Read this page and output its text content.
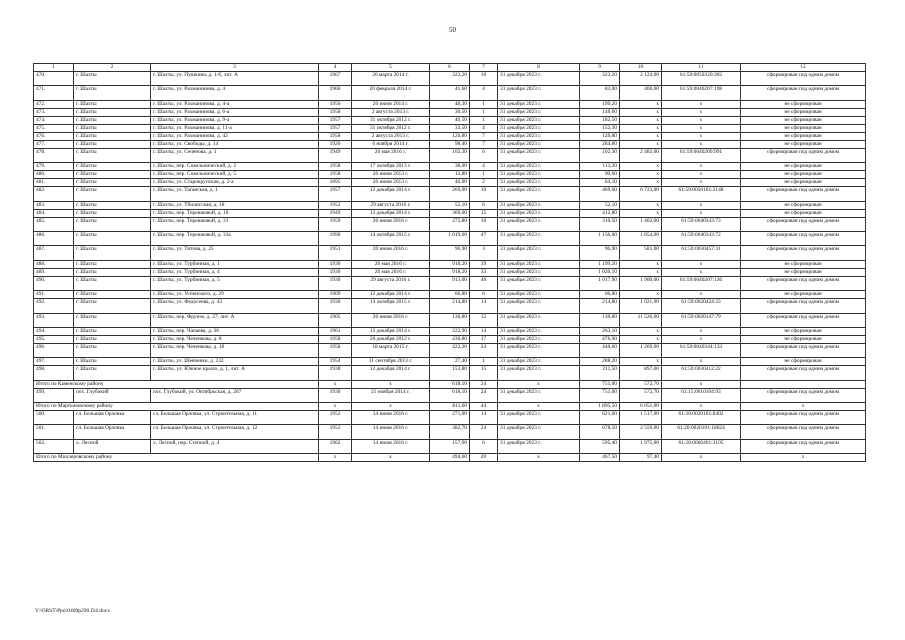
50
1	2	3	4	5	6	7	8	9	10	11	12
470.	г. Шахты	г. Шахты, ул. Пушкина, д. 1-б, лит. А	1967	26 марта 2014 г.	323,20	16	31 декабря 2023 г.	323,20	2 124,00	61:59:0050320:302	сформирован под одним домом
471.	г. Шахты	г. Шахты, ул. Рахманинова, д. 4	1960	20 февраля 2014 г.	41,60	4	31 декабря 2023 г.	83,00	400,00	61:59:0040207:198	сформирован под одним домом
472.	г. Шахты	г. Шахты, ул. Рахманинова, д. 4-а	1956	20 июня 2014 г.	48,30	1	31 декабря 2023 г.	199,20	х	х	не сформирован
473.	г. Шахты	г. Шахты, ул. Рахманинова, д. 6-а	1958	2 августа 2013 г.	30,50	1	31 декабря 2023 г.	146,60	х	х	не сформирован
474.	г. Шахты	г. Шахты, ул. Рахманинова, д. 9-а	1957	31 октября 2012 г.	40,50	1	31 декабря 2023 г.	182,50	х	х	не сформирован
475.	г. Шахты	г. Шахты, ул. Рахманинова, д. 11-а	1957	31 октября 2012 г.	33,50	4	31 декабря 2023 г.	152,30	х	х	не сформирован
476.	г. Шахты	г. Шахты, ул. Рахманинова, д. 42	1958	2 августа 2013 г.	120,80	7	31 декабря 2023 г.	120,80	х	х	не сформирован
477.	г. Шахты	г. Шахты, ул. Свободы, д. 14	1926	6 ноября 2014 г.	98,40	7	31 декабря 2023 г.	284,80	х	х	не сформирован
478.	г. Шахты	г. Шахты, ул. Сеченова, д. 1	1949	20 мая 2016 г.	102,30	6	31 декабря 2023 г.	102,30	2 483,00	61:59:0040209:991	сформирован под одним домом
479.	г. Шахты	г. Шахты, пер. Сокольнический, д. 2	1958	17 октября 2013 г.	38,00	4	31 декабря 2023 г.	113,30	х	х	не сформирован
480.	г. Шахты	г. Шахты, пер. Сокольнический, д. 5	1958	20 июня 2013 г.	13,80	1	31 декабря 2023 г.	90,60	х	х	не сформирован
481.	г. Шахты	г. Шахты, ул. Старокрупская, д. 2-а	1895	20 июня 2013 г.	46,00	2	31 декабря 2023 г.	64,10	х	х	не сформирован
482.	г. Шахты	г. Шахты, ул. Таганская, д. 1	1957	12 декабря 2014 г.	269,00	10	31 декабря 2023 г.	469,60	6 723,00	61:59:0050101:2148	сформирован под одним домом
483.	г. Шахты	г. Шахты, ул. Тбилисская, д. 18	1952	29 августа 2016 г.	52,10	6	31 декабря 2023 г.	52,10	х	х	не сформирован
484.	г. Шахты	г. Шахты, пер. Терешковой, д. 10	1949	12 декабря 2014 г.	369,60	15	31 декабря 2023 г.	412,80	х	х	не сформирован
485.	г. Шахты	г. Шахты, пер. Терешковой, д. 31	1959	20 июня 2016 г.	275,80	16	31 декабря 2023 г.	310,50	1 462,00	61:59:0040343:73	сформирован под одним домом
486.	г. Шахты	г. Шахты, пер. Терешковой, д. 33а	1990	14 октября 2015 г.	1 019,60	47	31 декабря 2023 г.	1 156,00	1 854,00	61:59:0040343:72	сформирован под одним домом
487.	г. Шахты	г. Шахты, ул. Титова, д. 25	1951	20 июня 2016 г.	96,90	3	31 декабря 2023 г.	96,90	581,00	61:59:0030457:31	сформирован под одним домом
488.	г. Шахты	г. Шахты, ул. Турбинная, д. 1	1930	20 мая 2016 г.	918,20	39	31 декабря 2023 г.	1 199,20	х	х	не сформирован
489.	г. Шахты	г. Шахты, ул. Турбинная, д. 4	1930	20 мая 2016 г.	918,20	33	31 декабря 2023 г.	1 026,10	х	х	не сформирован
490.	г. Шахты	г. Шахты, ул. Турбинная, д. 5	1930	29 августа 2016 г.	913,00	46	31 декабря 2023 г.	1 017,90	1 900,00	61:59:0040207:136	сформирован под одним домом
491.	г. Шахты	г. Шахты, ул. Успенского, д. 29	1909	12 декабря 2014 г.	66,80	6	31 декабря 2023 г.	66,80	х	х	не сформирован
492.	г. Шахты	г. Шахты, ул. Федосеева, д. 43	1930	14 октября 2015 г.	214,80	14	31 декабря 2023 г.	214,80	1 021,00	61:59:0020424:23	сформирован под одним домом
493.	г. Шахты	г. Шахты, пер. Фрунзе, д. 27, лит. А	1905	20 июня 2016 г.	130,80	12	31 декабря 2023 г.	130,80	11 526,00	61:59:0020147:79	сформирован под одним домом
494.	г. Шахты	г. Шахты, пер. Чапаева, д. 36	1961	12 декабря 2014 г.	222,90	14	31 декабря 2023 г.	263,10	х	х	не сформирован
495.	г. Шахты	г. Шахты, пер. Чеченкова, д. 8	1958	26 декабря 2012 г.	430,80	17	31 декабря 2023 г.	476,90	х	х	не сформирован
496.	г. Шахты	г. Шахты, пер. Чеченкова, д. 18	1958	18 марта 2015 г.	422,30	24	31 декабря 2023 г.	440,60	1 269,00	61:59:0040344:133	сформирован под одним домом
497.	г. Шахты	г. Шахты, ул. Шевченко, д. 232	1954	11 сентября 2013 г.	27,40	1	31 декабря 2023 г.	288,20	х	х	не сформирован
498.	г. Шахты	г. Шахты, ул. Южное крыло, д. 1, лит. А	1938	12 декабря 2014 г.	153,80	15	31 декабря 2023 г.	211,50	897,00	61:59:0030412:22	сформирован под одним домом
Итого по Каменскому району			х	х	618,10	24	х	751,00	572,70	х	
499.	пос. Глубокий	пос. Глубокий, ул. Октябрьская, д. 207	1930	21 ноября 2014 г.	618,10	24	31 декабря 2023 г.	751,00	572,70	61:15:0010104:93	сформирован под одним домом
Итого по Мартыновскому району			х	х	811,60	44	х	1 895,50	6 051,00	х	х
500.	сл. Большая Орловка	сл. Большая Орловка, ул. Строительная, д. 11	1952	14 июня 2016 г.	271,00	14	31 декабря 2023 г.	621,60	1 517,00	61:20:0020101:8402	сформирован под одним домом
501.	сл. Большая Орловка	сл. Большая Орловка, ул. Строительная, д. 12	1952	14 июня 2016 г.	382,70	24	31 декабря 2023 г.	678,50	2 559,00	61:20:0020101:18624	сформирован под одним домом
502.	х. Лесной	х. Лесной, пер. Степной, д. 4	1962	14 июня 2016 г.	157,90	6	31 декабря 2023 г.	595,40	1 975,00	61:20:0060401:3105	сформирован под одним домом
Итого по Миллеровскому району			х	х	494,60	20	х	467,50	97,40	х	х
Y:\ORST\Ppo\0409p290.f24.docx
